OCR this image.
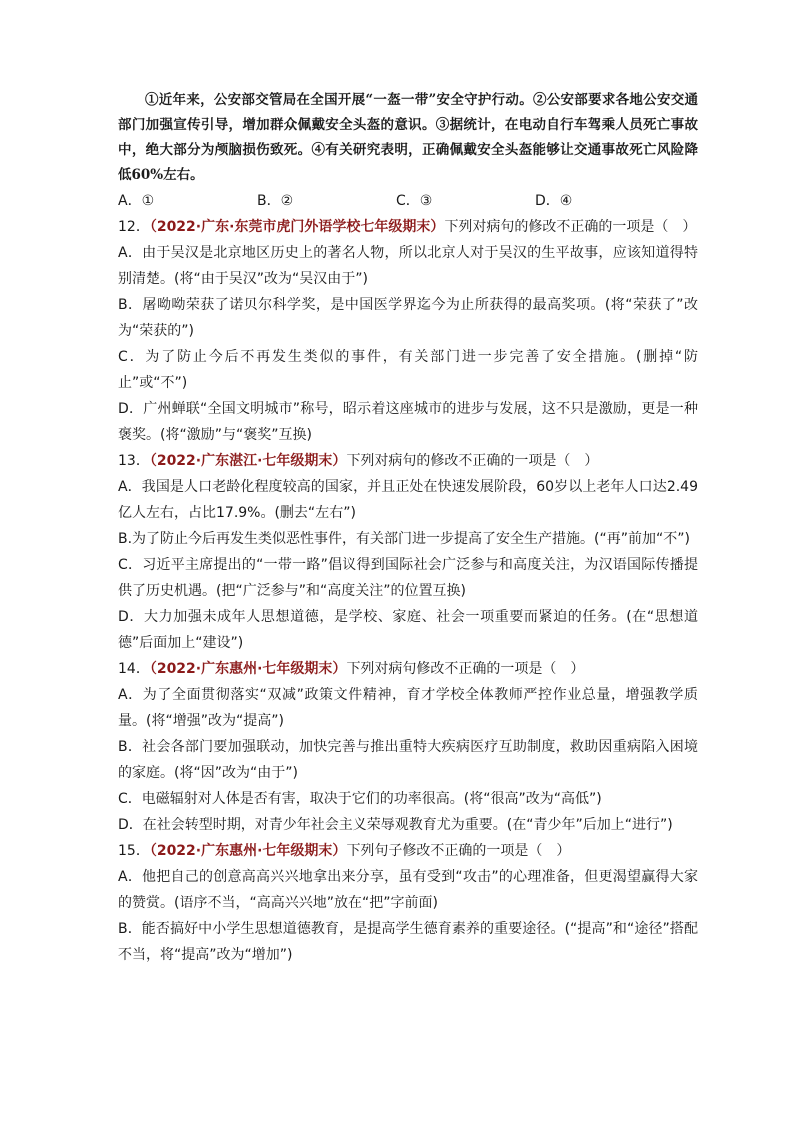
①近年来，公安部交管局在全国开展“一盔一带”安全守护行动。②公安部要求各地公安交通部门加强宣传引导，增加群众佩戴安全头盔的意识。③据统计，在电动自行车驾乘人员死亡事故中，绝大部分为颅脑损伤致死。④有关研究表明，正确佩戴安全头盔能够让交通事故死亡风险降低60%左右。

A．①	B．②	C．③	D．④

12．（2022·广东·东莞市虎门外语学校七年级期末）下列对病句的修改不正确的一项是（　）

A．由于吴汉是北京地区历史上的著名人物，所以北京人对于吴汉的生平故事，应该知道得特别清楚。(将“由于吴汉”改为“吴汉由于”)

B．屠呦呦荣获了诺贝尔科学奖，是中国医学界迄今为止所获得的最高奖项。(将“荣获了”改为“荣获的”)

C．为了防止今后不再发生类似的事件，有关部门进一步完善了安全措施。(删掉“防止”或“不”)

D．广州蝉联“全国文明城市”称号，昭示着这座城市的进步与发展，这不只是激励，更是一种褒奖。(将“激励”与“褒奖”互换)

13．（2022·广东湛江·七年级期末）下列对病句的修改不正确的一项是（　）

A．我国是人口老龄化程度较高的国家，并且正处在快速发展阶段，60岁以上老年人口达2.49亿人左右，占比17.9%。(删去“左右”)

B.为了防止今后再发生类似恶性事件，有关部门进一步提高了安全生产措施。(“再”前加“不”)

C．习近平主席提出的“一带一路”倡议得到国际社会广泛参与和高度关注，为汉语国际传播提供了历史机遇。(把“广泛参与”和“高度关注”的位置互换)

D．大力加强未成年人思想道德，是学校、家庭、社会一项重要而紧迫的任务。(在“思想道德”后面加上“建设”)

14．（2022·广东惠州·七年级期末）下列对病句修改不正确的一项是（　）

A．为了全面贯彻落实“双减”政策文件精神，育才学校全体教师严控作业总量，增强教学质量。(将“增强”改为“提高”)

B．社会各部门要加强联动，加快完善与推出重特大疾病医疗互助制度，救助因重病陷入困境的家庭。(将“因”改为“由于”)

C．电磁辐射对人体是否有害，取决于它们的功率很高。(将“很高”改为“高低”)

D．在社会转型时期，对青少年社会主义荣辱观教育尤为重要。(在“青少年”后加上“进行”)

15．（2022·广东惠州·七年级期末）下列句子修改不正确的一项是（　）

A．他把自己的创意高高兴兴地拿出来分享，虽有受到“攻击”的心理准备，但更渴望赢得大家的赞赏。(语序不当，“高高兴兴地”放在“把”字前面)

B．能否搞好中小学生思想道德教育，是提高学生德育素养的重要途径。(“提高”和“途径”搭配不当，将“提高”改为“增加”)
